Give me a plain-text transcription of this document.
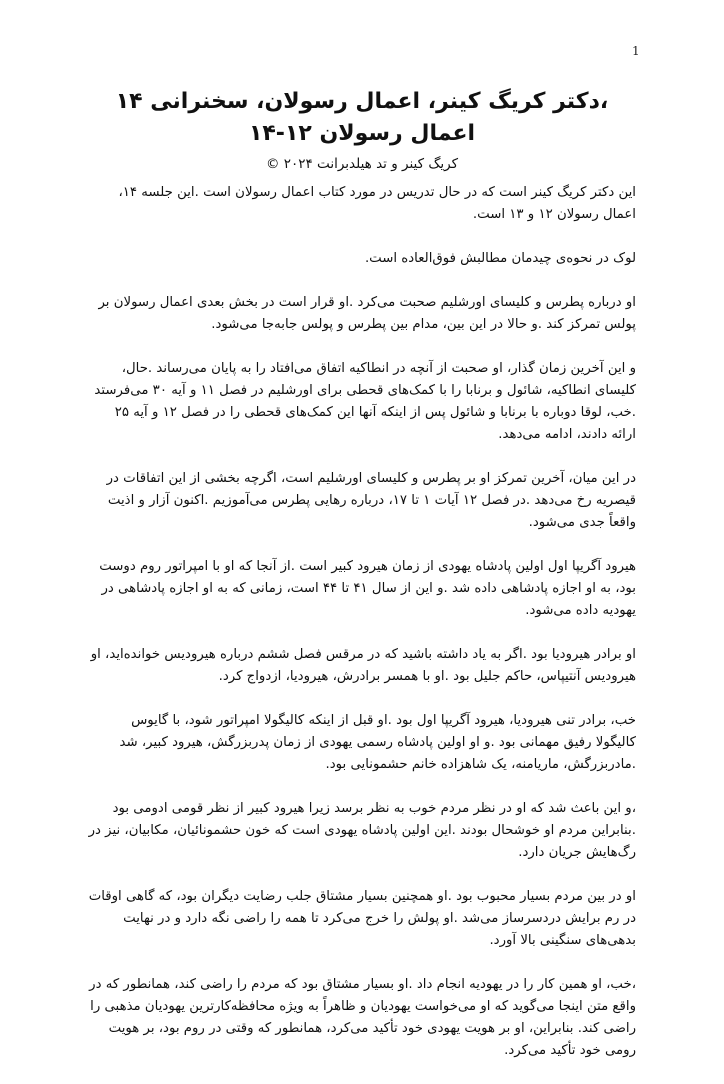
1
،دکتر کریگ کینر، اعمال رسولان، سخنرانی ۱۴
اعمال رسولان ۱۲-۱۴
کریگ کینر و تد هیلدبرانت ۲۰۲۴ ©

این دکتر کریگ کینر است که در حال تدریس در مورد کتاب اعمال رسولان است .این جلسه ۱۴، اعمال رسولان ۱۲ و ۱۳ است.

لوک در نحوه‌ی چیدمان مطالبش فوق‌العاده است.

او درباره پطرس و کلیسای اورشلیم صحبت می‌کرد .او قرار است در بخش بعدی اعمال رسولان بر پولس تمرکز کند .و حالا در این بین، مدام بین پطرس و پولس جابه‌جا می‌شود.

و این آخرین زمان گذار، او صحبت از آنچه در انطاکیه اتفاق می‌افتاد را به پایان می‌رساند .حال، کلیسای انطاکیه، شائول و برنابا را با کمک‌های قحطی برای اورشلیم در فصل ۱۱ و آیه ۳۰ می‌فرستد .خب، لوقا دوباره با برنابا و شائول پس از اینکه آنها این کمک‌های قحطی را در فصل ۱۲ و آیه ۲۵ ارائه دادند، ادامه می‌دهد.

در این میان، آخرین تمرکز او بر پطرس و کلیسای اورشلیم است، اگرچه بخشی از این اتفاقات در قیصریه رخ می‌دهد .در فصل ۱۲ آیات ۱ تا ۱۷، درباره رهایی پطرس می‌آموزیم .اکنون آزار و اذیت واقعاً جدی می‌شود.

هیرود آگریپا اول اولین پادشاه یهودی از زمان هیرود کبیر است .از آنجا که او با امپراتور روم دوست بود، به او اجازه پادشاهی داده شد .و این از سال ۴۱ تا ۴۴ است، زمانی که به او اجازه پادشاهی در یهودیه داده می‌شود.

او برادر هیرودیا بود .اگر به یاد داشته باشید که در مرقس فصل ششم درباره هیرودیس خوانده‌اید، او هیرودیس آنتیپاس، حاکم جلیل بود .او با همسر برادرش، هیرودیا، ازدواج کرد.

خب، برادر تنی هیرودیا، هیرود آگریپا اول بود .او قبل از اینکه کالیگولا امپراتور شود، با گایوس کالیگولا رفیق مهمانی بود .و او اولین پادشاه رسمی یهودی از زمان پدربزرگش، هیرود کبیر، شد .مادربزرگش، ماریامنه، یک شاهزاده خانم حشمونایی بود.

،و این باعث شد که او در نظر مردم خوب به نظر برسد زیرا هیرود کبیر از نظر قومی ادومی بود .بنابراین مردم او خوشحال بودند .این اولین پادشاه یهودی است که خون حشمونائیان، مکابیان، نیز در رگ‌هایش جریان دارد.

او در بین مردم بسیار محبوب بود .او همچنین بسیار مشتاق جلب رضایت دیگران بود، که گاهی اوقات در رم برایش دردسرساز می‌شد .او پولش را خرج می‌کرد تا همه را راضی نگه دارد و در نهایت بدهی‌های سنگینی بالا آورد.

،خب، او همین کار را در یهودیه انجام داد .او بسیار مشتاق بود که مردم را راضی کند، همانطور که در واقع متن اینجا می‌گوید که او می‌خواست یهودیان و ظاهراً به ویژه محافظه‌کارترین یهودیان مذهبی را راضی کند. بنابراین، او بر هویت یهودی خود تأکید می‌کرد، همانطور که وقتی در روم بود، بر هویت رومی خود تأکید می‌کرد.
